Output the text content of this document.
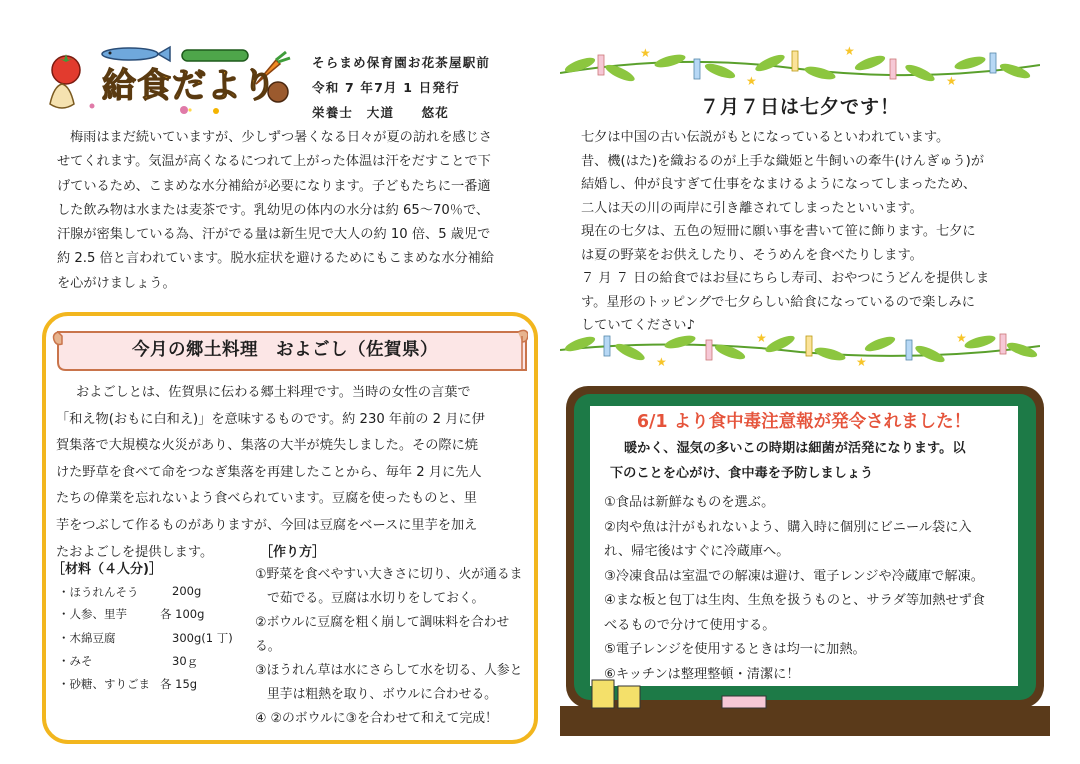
給食だより
そらまめ保育園お花茶屋駅前
令和 7 年7月 1 日発行
栄養士　大道　　悠花

梅雨はまだ続いていますが、少しずつ暑くなる日々が夏の訪れを感じさ

せてくれます。気温が高くなるにつれて上がった体温は汗をだすことで下

げているため、こまめな水分補給が必要になります。子どもたちに一番適

した飲み物は水または麦茶です。乳幼児の体内の水分は約 65～70％で、

汗腺が密集している為、汗がでる量は新生児で大人の約 10 倍、5 歳児で

約 2.5 倍と言われています。脱水症状を避けるためにもこまめな水分補給

を心がけましょう。

今月の郷土料理　およごし（佐賀県）

およごしとは、佐賀県に伝わる郷土料理です。当時の女性の言葉で

「和え物(おもに白和え)」を意味するものです。約 230 年前の 2 月に伊

賀集落で大規模な火災があり、集落の大半が焼失しました。その際に焼

けた野草を食べて命をつなぎ集落を再建したことから、毎年 2 月に先人

たちの偉業を忘れないよう食べられています。豆腐を使ったものと、里

芋をつぶして作るものがありますが、今回は豆腐をベースに里芋を加え

たおよごしを提供します。

［材料（４人分)］
・ほうれんそう	200g
・人参、里芋	各 100g
・木綿豆腐	300g(1 丁)
・みそ	30ｇ
・砂糖、すりごま 各 15g
［作り方］
①野菜を食べやすい大きさに切り、火が通るま
で茹でる。豆腐は水切りをしておく。
②ボウルに豆腐を粗く崩して調味料を合わせ
る。
③ほうれん草は水にさらして水を切る、人参と
里芋は粗熱を取り、ボウルに合わせる。
④ ②のボウルに③を合わせて和えて完成！
★
★
★
★
７月７日は七夕です！

七夕は中国の古い伝説がもとになっているといわれています。

昔、機(はた)を織おるのが上手な織姫と牛飼いの牽牛(けんぎゅう)が

結婚し、仲が良すぎて仕事をなまけるようになってしまったため、

二人は天の川の両岸に引き離されてしまったといいます。

現在の七夕は、五色の短冊に願い事を書いて笹に飾ります。七夕に

は夏の野菜をお供えしたり、そうめんを食べたりします。

７ 月 ７ 日の給食ではお昼にちらし寿司、おやつにうどんを提供しま

す。星形のトッピングで七夕らしい給食になっているので楽しみに

していてください♪

★
★
★
★
6/1 より食中毒注意報が発令されました！

暖かく、湿気の多いこの時期は細菌が活発になります。以

下のことを心がけ、食中毒を予防しましょう

①食品は新鮮なものを選ぶ。

②肉や魚は汁がもれないよう、購入時に個別にビニール袋に入

れ、帰宅後はすぐに冷蔵庫へ。

③冷凍食品は室温での解凍は避け、電子レンジや冷蔵庫で解凍。

④まな板と包丁は生肉、生魚を扱うものと、サラダ等加熱せず食

べるもので分けて使用する。

⑤電子レンジを使用するときは均一に加熱。

⑥キッチンは整理整頓・清潔に！
